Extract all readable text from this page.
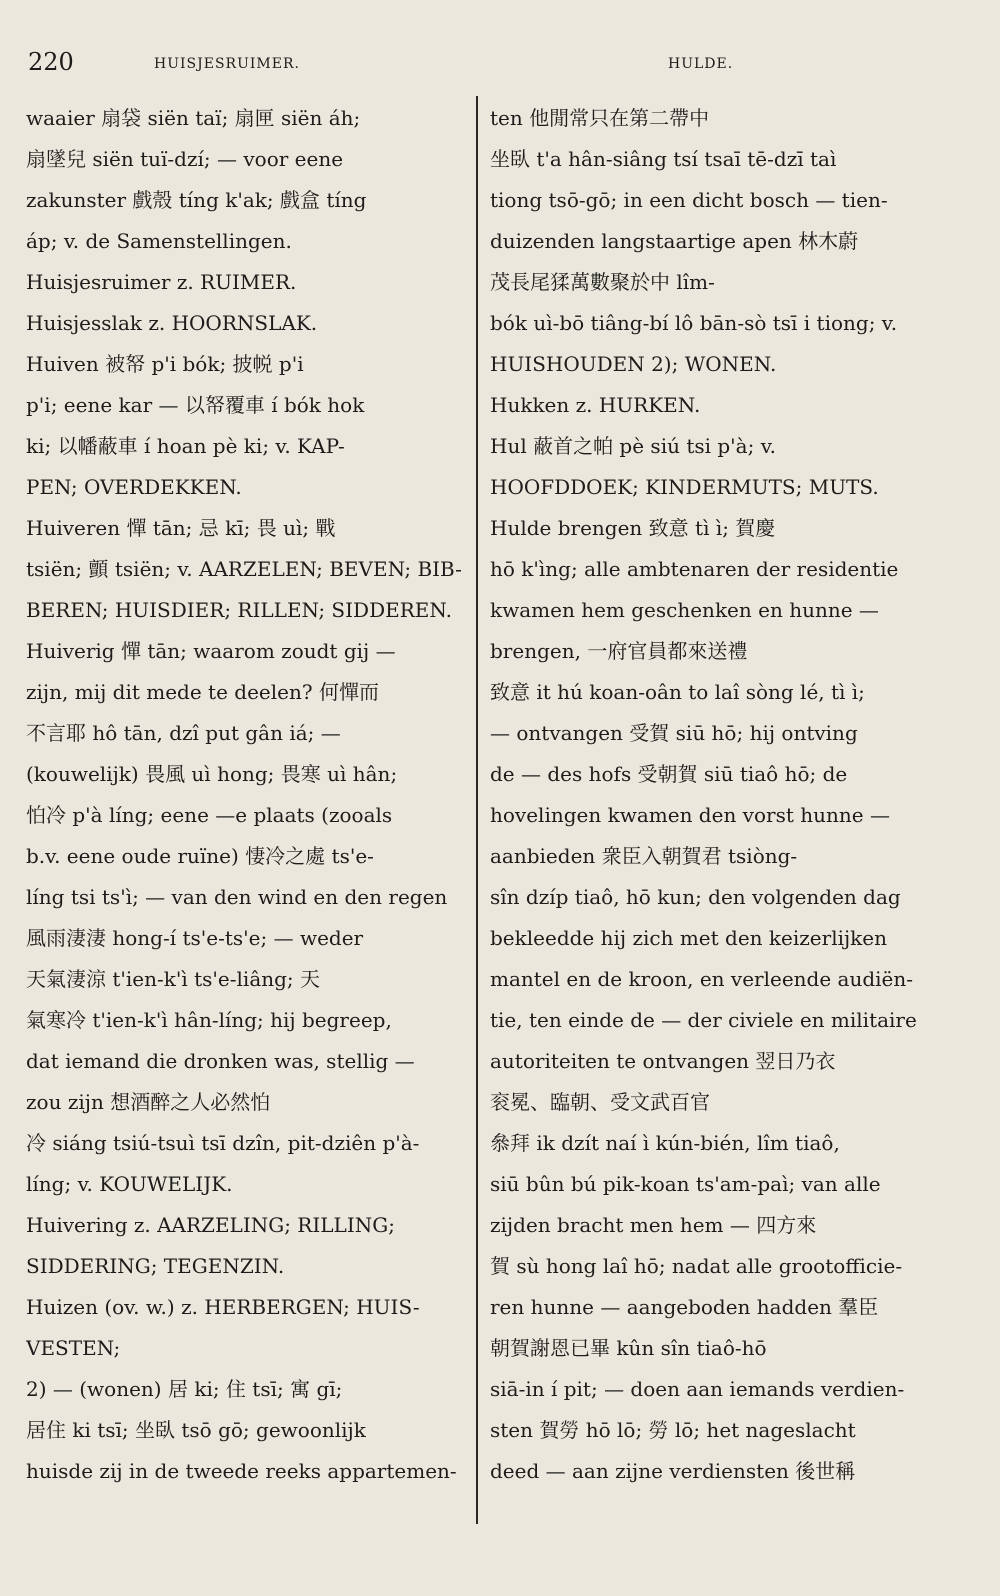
220	HUISJESRUIMER.	HULDE.
waaier 扇袋 siën taï; 扇匣 siën áh;
扇墜兒 siën tuï-dzí; — voor eene
zakunster 戲殼 tíng k'ak; 戲盒 tíng
áp; v. de Samenstellingen.
Huisjesruimer z. RUIMER.
Huisjesslak z. HOORNSLAK.
Huiven 被帑 p'i bók; 披帨 p'i
p'i; eene kar — 以帑覆車 í bók hok
ki; 以幡蔽車 í hoan pè ki; v. KAP-
PEN; OVERDEKKEN.
Huiveren 憚 tān; 忌 kī; 畏 uì; 戰
tsiën; 顫 tsiën; v. AARZELEN; BEVEN; BIB-
BEREN; HUISDIER; RILLEN; SIDDEREN.
Huiverig 憚 tān; waarom zoudt gij —
zijn, mij dit mede te deelen? 何憚而
不言耶 hô tān, dzî put gân iá; —
(kouwelijk) 畏風 uì hong; 畏寒 uì hân;
怕冷 p'à líng; eene —e plaats (zooals
b.v. eene oude ruïne) 悽冷之處 ts'e-
líng tsi ts'ì; — van den wind en den regen
風雨淒淒 hong-í ts'e-ts'e; — weder
天氣淒涼 t'ien-k'ì ts'e-liâng; 天
氣寒冷 t'ien-k'ì hân-líng; hij begreep,
dat iemand die dronken was, stellig —
zou zijn 想酒醉之人必然怕
冷 siáng tsiú-tsuì tsī dzîn, pit-dziên p'à-
líng; v. KOUWELIJK.
Huivering z. AARZELING; RILLING;
SIDDERING; TEGENZIN.
Huizen (ov. w.) z. HERBERGEN; HUIS-
VESTEN;
2) — (wonen) 居 ki; 住 tsī; 寓 gī;
居住 ki tsī; 坐臥 tsō gō; gewoonlijk
huisde zij in de tweede reeks appartemen-
ten 他閒常只在第二帶中
坐臥 t'a hân-siâng tsí tsaī tē-dzī taì
tiong tsō-gō; in een dicht bosch — tien-
duizenden langstaartige apen 林木蔚
茂長尾猱萬數聚於中 lîm-
bók uì-bō tiâng-bí lô bān-sò tsī i tiong; v.
HUISHOUDEN 2); WONEN.
Hukken z. HURKEN.
Hul 蔽首之帕 pè siú tsi p'à; v.
HOOFDDOEK; KINDERMUTS; MUTS.
Hulde brengen 致意 tì ì; 賀慶
hō k'ìng; alle ambtenaren der residentie
kwamen hem geschenken en hunne —
brengen, 一府官員都來送禮
致意 it hú koan-oân to laî sòng lé, tì ì;
— ontvangen 受賀 siū hō; hij ontving
de — des hofs 受朝賀 siū tiaô hō; de
hovelingen kwamen den vorst hunne —
aanbieden 衆臣入朝賀君 tsiòng-
sîn dzíp tiaô, hō kun; den volgenden dag
bekleedde hij zich met den keizerlijken
mantel en de kroon, en verleende audiën-
tie, ten einde de — der civiele en militaire
autoriteiten te ontvangen 翌日乃衣
衮冕、臨朝、受文武百官
叅拜 ik dzít naí ì kún-bién, lîm tiaô,
siū bûn bú pik-koan ts'am-paì; van alle
zijden bracht men hem — 四方來
賀 sù hong laî hō; nadat alle grootofficie-
ren hunne — aangeboden hadden 羣臣
朝賀謝恩已畢 kûn sîn tiaô-hō
siā-in í pit; — doen aan iemands verdien-
sten 賀勞 hō lō; 勞 lō; het nageslacht
deed — aan zijne verdiensten 後世稱
